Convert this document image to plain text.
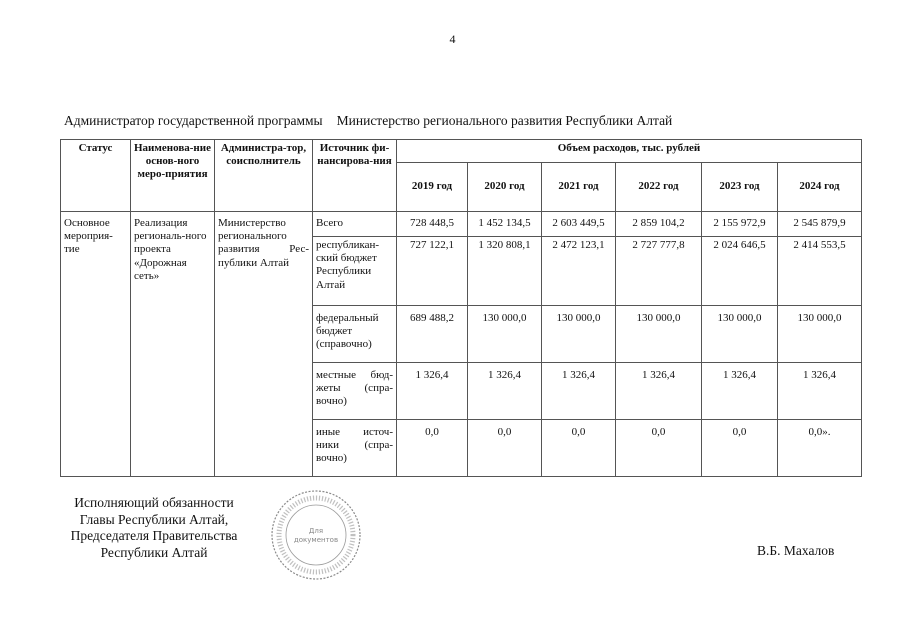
4
Администратор государственной программы Министерство регионального развития Республики Алтай
Статус	Наименова-ние основ-ного меро-приятия	Администра-тор, соисполнитель	Источник фи-нансирова-ния	Объем расходов, тыс. рублей					
				2019 год	2020 год	2021 год	2022 год	2023 год	2024 год
Основное мероприя-тие	Реализация региональ-ного проекта «Дорожная сеть»	Министерство регионального развития Рес-публики Алтай	Всего	728 448,5	1 452 134,5	2 603 449,5	2 859 104,2	2 155 972,9	2 545 879,9
			республикан-ский бюджет Республики Алтай	727 122,1	1 320 808,1	2 472 123,1	2 727 777,8	2 024 646,5	2 414 553,5
			федеральный бюджет (справочно)	689 488,2	130 000,0	130 000,0	130 000,0	130 000,0	130 000,0
			местные бюд-жеты (спра-вочно)	1 326,4	1 326,4	1 326,4	1 326,4	1 326,4	1 326,4
			иные источ-ники (спра-вочно)	0,0	0,0	0,0	0,0	0,0	0,0».
Исполняющий обязанности
Главы Республики Алтай,
Председателя Правительства
Республики Алтай
Для
документов
В.Б. Махалов
